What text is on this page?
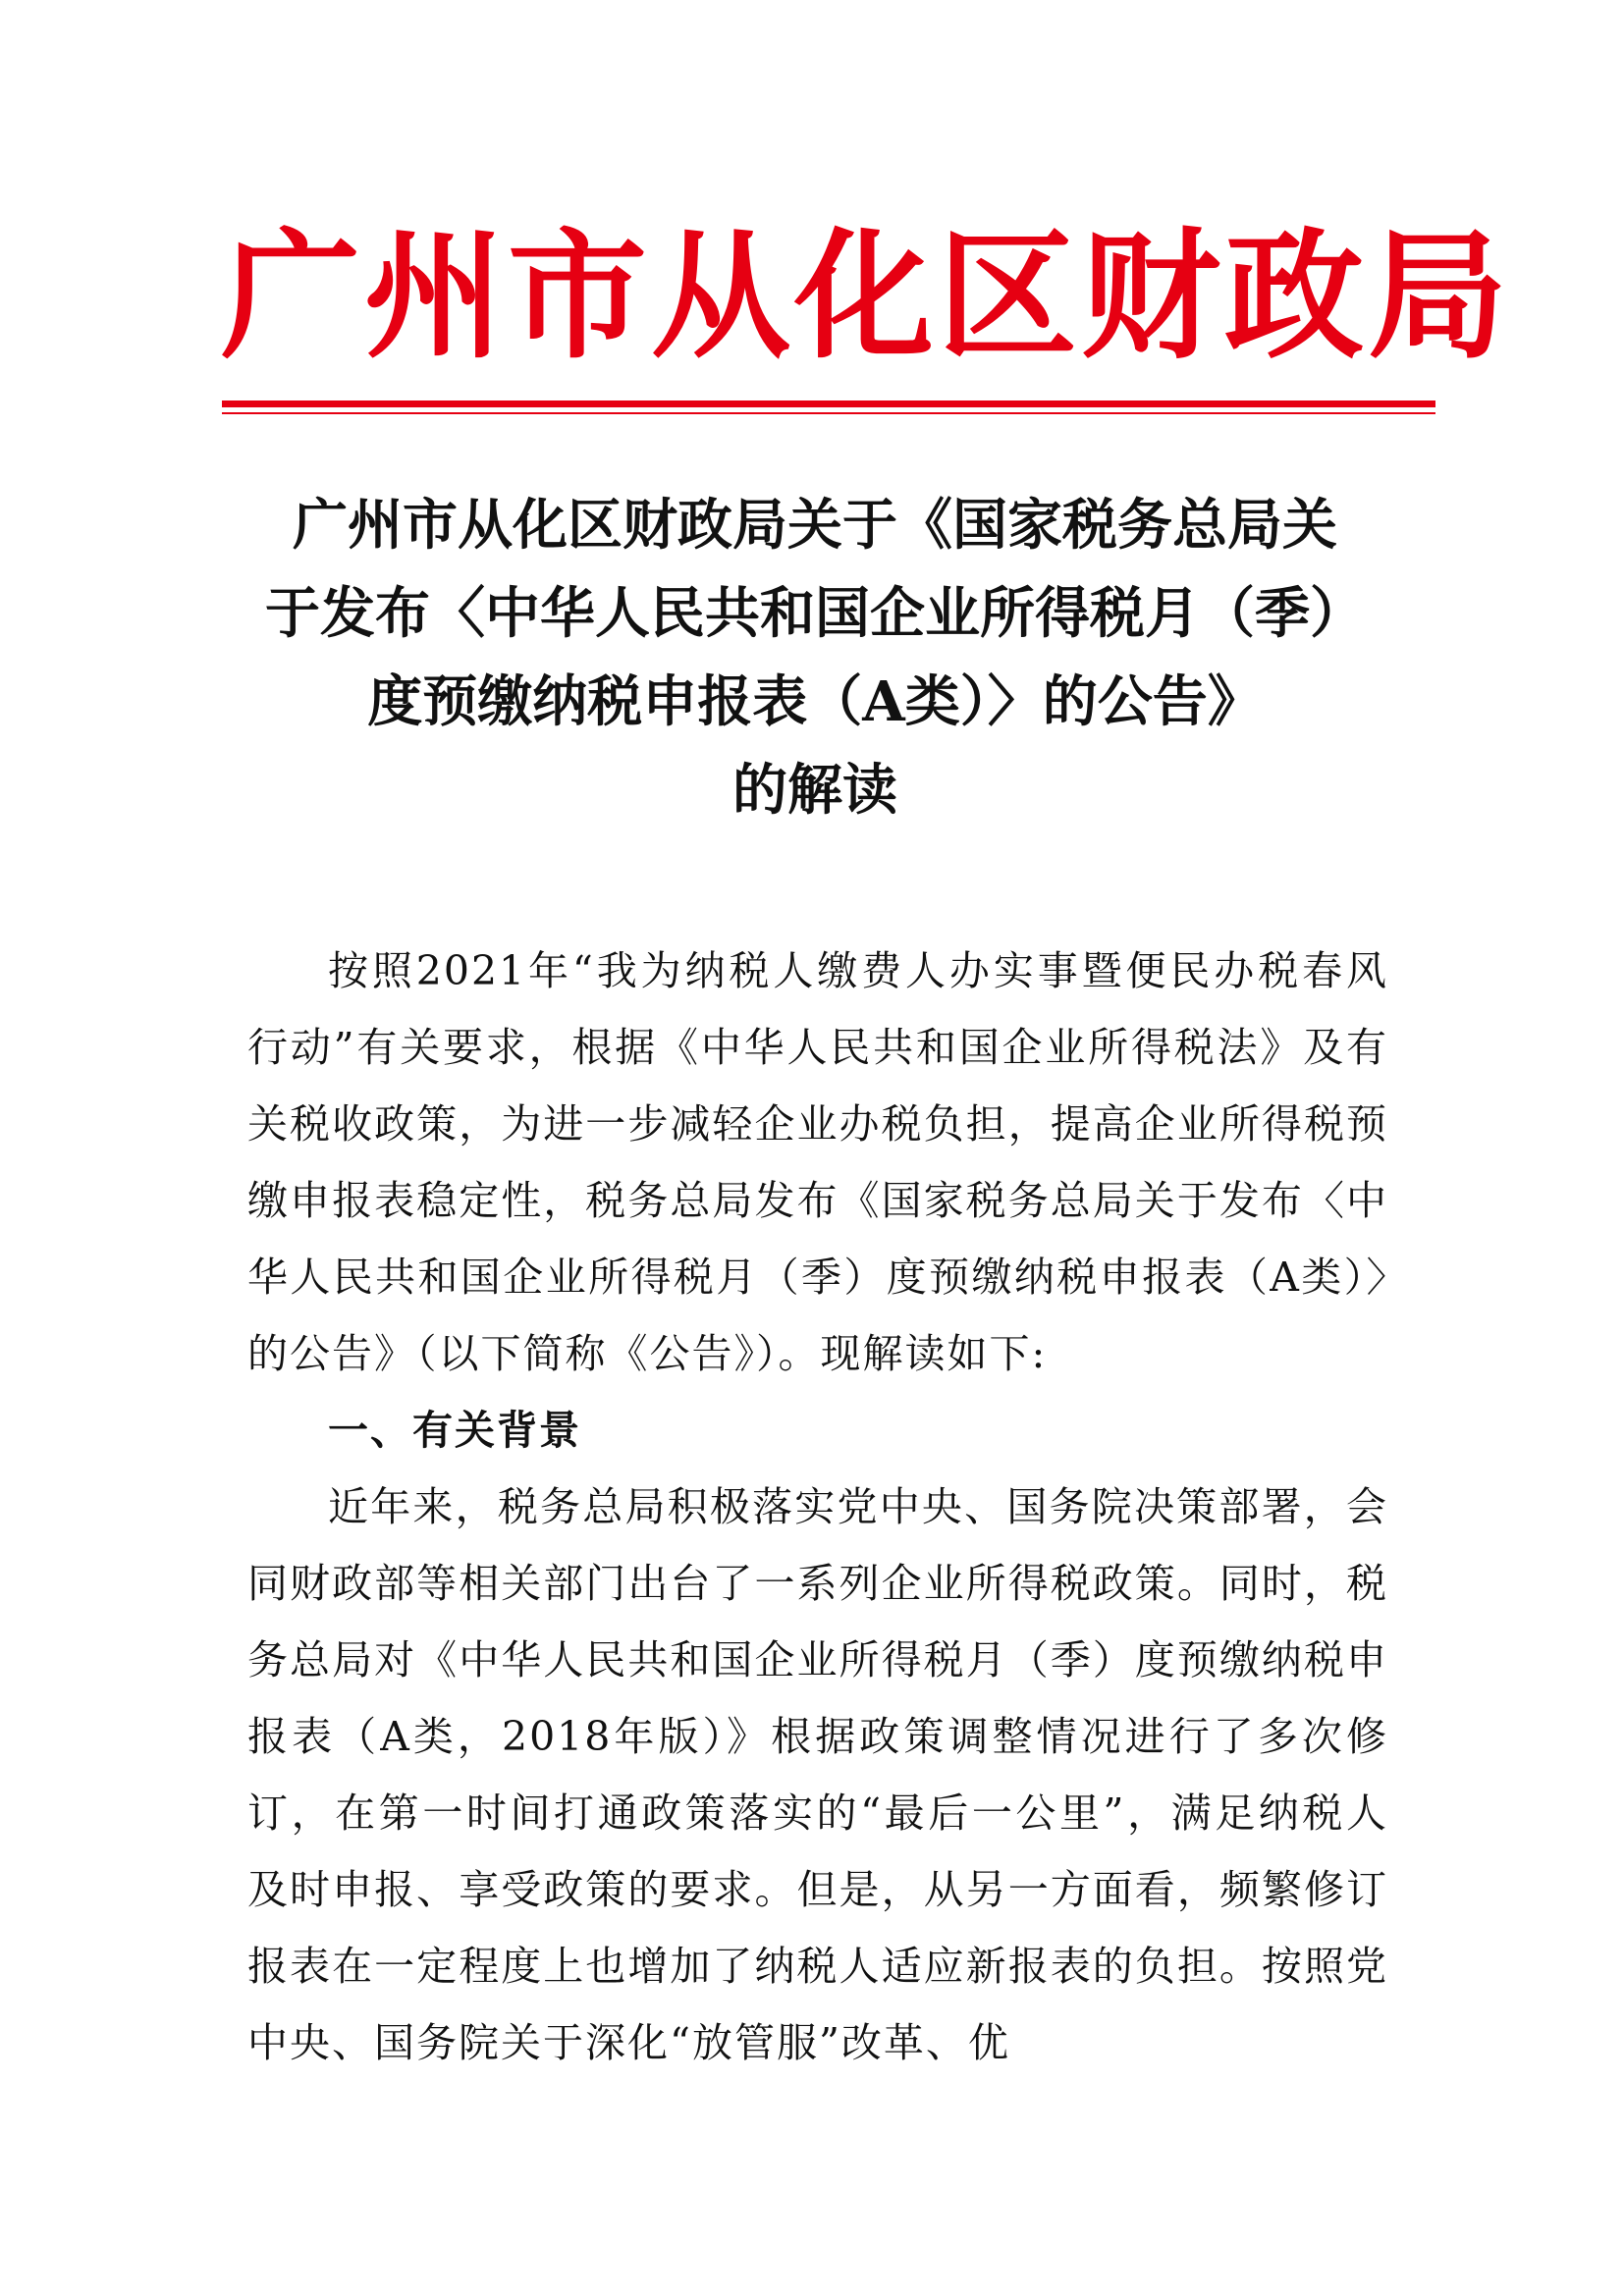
广州市从化区财政局
广州市从化区财政局关于《国家税务总局关
于发布〈中华人民共和国企业所得税月（季）
度预缴纳税申报表（A类）〉的公告》
的解读

按照2021年“我为纳税人缴费人办实事暨便民办税春风行动”有关要求，根据《中华人民共和国企业所得税法》及有关税收政策，为进一步减轻企业办税负担，提高企业所得税预缴申报表稳定性，税务总局发布《国家税务总局关于发布〈中华人民共和国企业所得税月（季）度预缴纳税申报表（A类）〉的公告》（以下简称《公告》）。现解读如下:

一、有关背景

近年来，税务总局积极落实党中央、国务院决策部署，会同财政部等相关部门出台了一系列企业所得税政策。同时，税务总局对《中华人民共和国企业所得税月（季）度预缴纳税申报表（A类，2018年版）》根据政策调整情况进行了多次修订，在第一时间打通政策落实的“最后一公里”，满足纳税人及时申报、享受政策的要求。但是，从另一方面看，频繁修订报表在一定程度上也增加了纳税人适应新报表的负担。按照党中央、国务院关于深化“放管服”改革、优
